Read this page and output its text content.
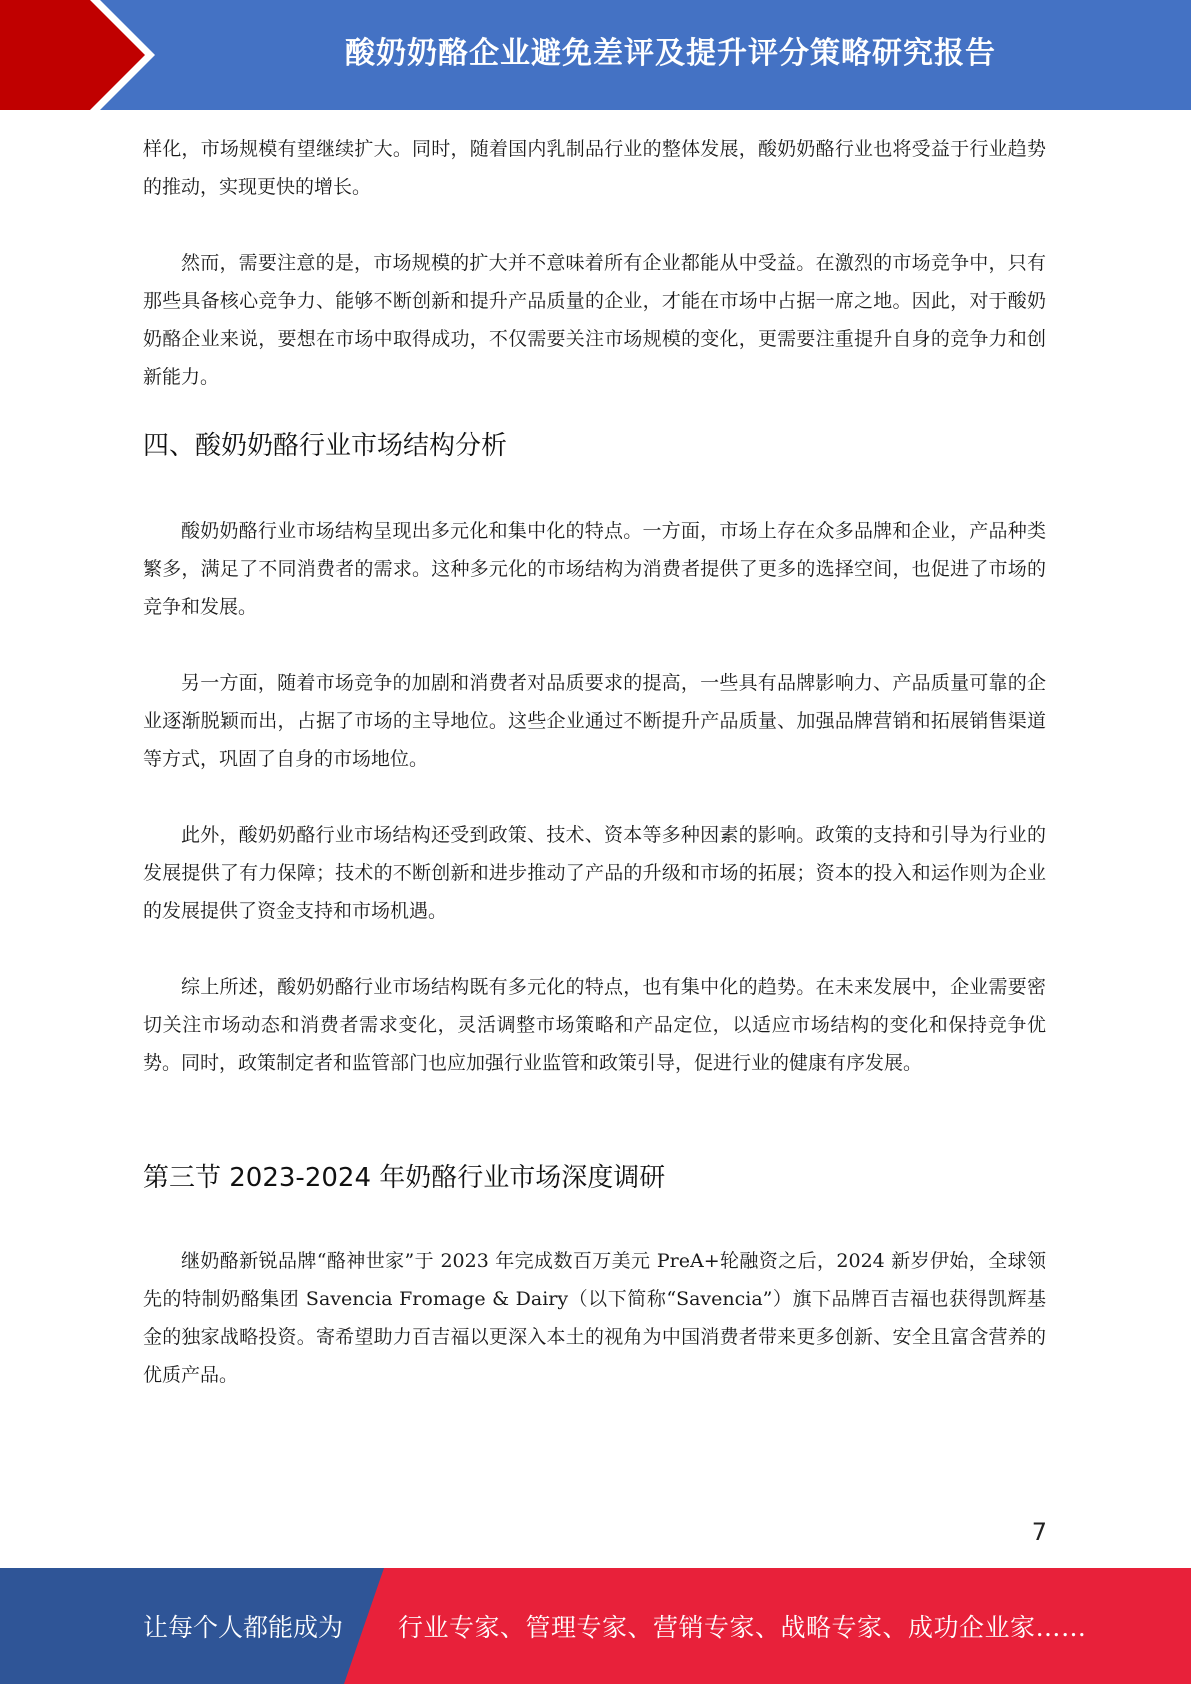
酸奶奶酪企业避免差评及提升评分策略研究报告

样化，市场规模有望继续扩大。同时，随着国内乳制品行业的整体发展，酸奶奶酪行业也将受益于行业趋势的推动，实现更快的增长。

然而，需要注意的是，市场规模的扩大并不意味着所有企业都能从中受益。在激烈的市场竞争中，只有那些具备核心竞争力、能够不断创新和提升产品质量的企业，才能在市场中占据一席之地。因此，对于酸奶奶酪企业来说，要想在市场中取得成功，不仅需要关注市场规模的变化，更需要注重提升自身的竞争力和创新能力。

四、酸奶奶酪行业市场结构分析

酸奶奶酪行业市场结构呈现出多元化和集中化的特点。一方面，市场上存在众多品牌和企业，产品种类繁多，满足了不同消费者的需求。这种多元化的市场结构为消费者提供了更多的选择空间，也促进了市场的竞争和发展。

另一方面，随着市场竞争的加剧和消费者对品质要求的提高，一些具有品牌影响力、产品质量可靠的企业逐渐脱颖而出，占据了市场的主导地位。这些企业通过不断提升产品质量、加强品牌营销和拓展销售渠道等方式，巩固了自身的市场地位。

此外，酸奶奶酪行业市场结构还受到政策、技术、资本等多种因素的影响。政策的支持和引导为行业的发展提供了有力保障；技术的不断创新和进步推动了产品的升级和市场的拓展；资本的投入和运作则为企业的发展提供了资金支持和市场机遇。

综上所述，酸奶奶酪行业市场结构既有多元化的特点，也有集中化的趋势。在未来发展中，企业需要密切关注市场动态和消费者需求变化，灵活调整市场策略和产品定位，以适应市场结构的变化和保持竞争优势。同时，政策制定者和监管部门也应加强行业监管和政策引导，促进行业的健康有序发展。

第三节 2023-2024 年奶酪行业市场深度调研

继奶酪新锐品牌“酪神世家”于 2023 年完成数百万美元 PreA+轮融资之后，2024 新岁伊始，全球领先的特制奶酪集团 Savencia Fromage & Dairy（以下简称“Savencia”）旗下品牌百吉福也获得凯辉基金的独家战略投资。寄希望助力百吉福以更深入本土的视角为中国消费者带来更多创新、安全且富含营养的优质产品。

7
让每个人都能成为 行业专家、管理专家、营销专家、战略专家、成功企业家……
